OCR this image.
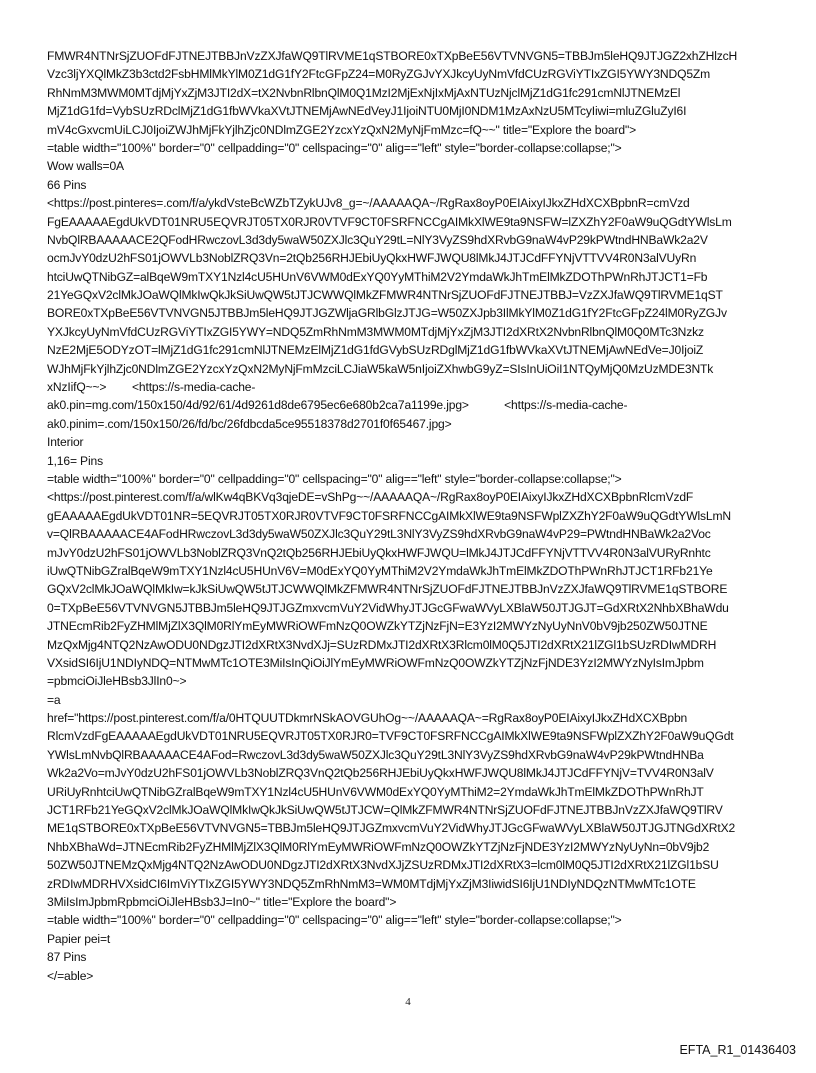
FMWR4NTNrSjZUOFdFJTNEJTBBJnVzZXJfaWQ9TlRVME1qSTBORE0xTXpBeE56VTVNVGN5=TBBJm5leHQ9JTJGZ2xhZHlzcH
Vzc3ljYXQlMkZ3b3ctd2FsbHMlMkYlM0Z1dG1fY2FtcGFpZ24=M0RyZGJvYXJkcyUyNmVfdCUzRGViYTIxZGI5YWY3NDQ5Zm
RhNmM3MWM0MTdjMjYxZjM3JTI2dX=tX2NvbnRlbnQlM0Q1MzI2MjExNjIxMjAxNTUzNjclMjZ1dG1fc291cmNlJTNEMzEl
MjZ1dG1fd=VybSUzRDclMjZ1dG1fbWVkaXVtJTNEMjAwNEdVeyJ1IjoiNTU0MjI0NDM1MzAxNzU5MTcyIiwi=mluZGluZyI6I
mV4cGxvcmUiLCJ0IjoiZWJhMjFkYjlhZjc0NDlmZGE2YzcxYzQxN2MyNjFmMzc=fQ~~" title="Explore the board">
=table width="100%" border="0" cellpadding="0" cellspacing="0" alig=="left" style="border-collapse:collapse;">
Wow walls=0A
66 Pins
<https://post.pinteres=.com/f/a/ykdVsteBcWZbTZykUJv8_g=~/AAAAAQA~/RgRax8oyP0EIAixyIJkxZHdXCXBpbnR=cmVzd
FgEAAAAAEgdUkVDT01NRU5EQVRJT05TX0RJR0VTVF9CT0FSRFNCCgAIMkXlWE9ta9NSFW=lZXZhY2F0aW9uQGdtYWlsLm
NvbQlRBAAAAACE2QFodHRwczovL3d3dy5waW50ZXJlc3QuY29tL=NlY3VyZS9hdXRvbG9naW4vP29kPWtndHNBaWk2a2V
ocmJvY0dzU2hFS01jOWVLb3NoblZRQ3Vn=2tQb256RHJEbiUyQkxHWFJWQU8lMkJ4JTJCdFFYNjVTTVV4R0N3alVUyRn
htciUwQTNibGZ=alBqeW9mTXY1Nzl4cU5HUnV6VWM0dExYQ0YyMThiM2V2YmdaWkJhTmElMkZDOThPWnRhJTJCT1=Fb
21YeGQxV2clMkJOaWQlMkIwQkJkSiUwQW5tJTJCWWQlMkZFMWR4NTNrSjZUOFdFJTNEJTBBJ=VzZXJfaWQ9TlRVME1qST
BORE0xTXpBeE56VTVNVGN5JTBBJm5leHQ9JTJGZWljaGRlbGlzJTJG=W50ZXJpb3IlMkYlM0Z1dG1fY2FtcGFpZ24lM0RyZGJv
YXJkcyUyNmVfdCUzRGViYTIxZGI5YWY=NDQ5ZmRhNmM3MWM0MTdjMjYxZjM3JTI2dXRtX2NvbnRlbnQlM0Q0MTc3Nzkz
NzE2MjE5ODYzOT=lMjZ1dG1fc291cmNlJTNEMzElMjZ1dG1fdGVybSUzRDglMjZ1dG1fbWVkaXVtJTNEMjAwNEdVe=J0IjoiZ
WJhMjFkYjlhZjc0NDlmZGE2YzcxYzQxN2MyNjFmMzciLCJiaW5kaW5nIjoiZXhwbG9yZ=SIsInUiOiI1NTQyMjQ0MzUzMDE3NTk
xNzIifQ~~>        <https://s-media-cache-
ak0.pin=mg.com/150x150/4d/92/61/4d9261d8de6795ec6e680b2ca7a1199e.jpg>           <https://s-media-cache-
ak0.pinim=.com/150x150/26/fd/bc/26fdbcda5ce95518378d2701f0f65467.jpg>
Interior
1,16= Pins
=table width="100%" border="0" cellpadding="0" cellspacing="0" alig=="left" style="border-collapse:collapse;">
<https://post.pinterest.com/f/a/wlKw4qBKVq3qjeDE=vShPg~~/AAAAAQA~/RgRax8oyP0EIAixyIJkxZHdXCXBpbnRlcmVzdF
gEAAAAAEgdUkVDT01NR=5EQVRJT05TX0RJR0VTVF9CT0FSRFNCCgAIMkXlWE9ta9NSFWplZXZhY2F0aW9uQGdtYWlsLmN
v=QlRBAAAAACE4AFodHRwczovL3d3dy5waW50ZXJlc3QuY29tL3NlY3VyZS9hdXRvbG9naW4vP29=PWtndHNBaWk2a2Voc
mJvY0dzU2hFS01jOWVLb3NoblZRQ3VnQ2tQb256RHJEbiUyQkxHWFJWQU=lMkJ4JTJCdFFYNjVTTVV4R0N3alVURyRnhtc
iUwQTNibGZralBqeW9mTXY1Nzl4cU5HUnV6V=M0dExYQ0YyMThiM2V2YmdaWkJhTmElMkZDOThPWnRhJTJCT1RFb21Ye
GQxV2clMkJOaWQlMkIw=kJkSiUwQW5tJTJCWWQlMkZFMWR4NTNrSjZUOFdFJTNEJTBBJnVzZXJfaWQ9TlRVME1qSTBORE
0=TXpBeE56VTVNVGN5JTBBJm5leHQ9JTJGZmxvcmVuY2VidWhyJTJGcGFwaWVyLXBlaW50JTJGJT=GdXRtX2NhbXBhaWdu
JTNEcmRib2FyZHMlMjZlX3QlM0RlYmEyMWRiOWFmNzQ0OWZkYTZjNzFjN=E3YzI2MWYzNyUyNnV0bV9jb250ZW50JTNE
MzQxMjg4NTQ2NzAwODU0NDgzJTI2dXRtX3NvdXJj=SUzRDMxJTI2dXRtX3Rlcm0lM0Q5JTI2dXRtX21lZGl1bSUzRDIwMDRH
VXsidSI6IjU1NDIyNDQ=NTMwMTc1OTE3MiIsInQiOiJlYmEyMWRiOWFmNzQ0OWZkYTZjNzFjNDE3YzI2MWYzNyIsImJpbm
=pbmciOiJleHBsb3JlIn0~>
=a
href="https://post.pinterest.com/f/a/0HTQUUTDkmrNSkAOVGUhOg~~/AAAAAQA~=RgRax8oyP0EIAixyIJkxZHdXCXBpbn
RlcmVzdFgEAAAAAEgdUkVDT01NRU5EQVRJT05TX0RJR0=TVF9CT0FSRFNCCgAIMkXlWE9ta9NSFWplZXZhY2F0aW9uQGdt
YWlsLmNvbQlRBAAAAACE4AFod=RwczovL3d3dy5waW50ZXJlc3QuY29tL3NlY3VyZS9hdXRvbG9naW4vP29kPWtndHNBa
Wk2a2Vo=mJvY0dzU2hFS01jOWVLb3NoblZRQ3VnQ2tQb256RHJEbiUyQkxHWFJWQU8lMkJ4JTJCdFFYNjV=TVV4R0N3alV
URiUyRnhtciUwQTNibGZralBqeW9mTXY1Nzl4cU5HUnV6VWM0dExYQ0YyMThiM2=2YmdaWkJhTmElMkZDOThPWnRhJT
JCT1RFb21YeGQxV2clMkJOaWQlMkIwQkJkSiUwQW5tJTJCW=QlMkZFMWR4NTNrSjZUOFdFJTNEJTBBJnVzZXJfaWQ9TlRV
ME1qSTBORE0xTXpBeE56VTVNVGN5=TBBJm5leHQ9JTJGZmxvcmVuY2VidWhyJTJGcGFwaWVyLXBlaW50JTJGJTNGdXRtX2
NhbXBhaWd=JTNEcmRib2FyZHMlMjZlX3QlM0RlYmEyMWRiOWFmNzQ0OWZkYTZjNzFjNDE3YzI2MWYzNyUyNn=0bV9jb2
50ZW50JTNEMzQxMjg4NTQ2NzAwODU0NDgzJTI2dXRtX3NvdXJjZSUzRDMxJTI2dXRtX3=lcm0lM0Q5JTI2dXRtX21lZGl1bSU
zRDIwMDRHVXsidCI6ImViYTIxZGI5YWY3NDQ5ZmRhNmM3=WM0MTdjMjYxZjM3IiwidSI6IjU1NDIyNDQzNTMwMTc1OTE
3MiIsImJpbmRpbmciOiJleHBsb3J=In0~" title="Explore the board">
=table width="100%" border="0" cellpadding="0" cellspacing="0" alig=="left" style="border-collapse:collapse;">
Papier pei=t
87 Pins
</=able>
4
EFTA_R1_01436403
